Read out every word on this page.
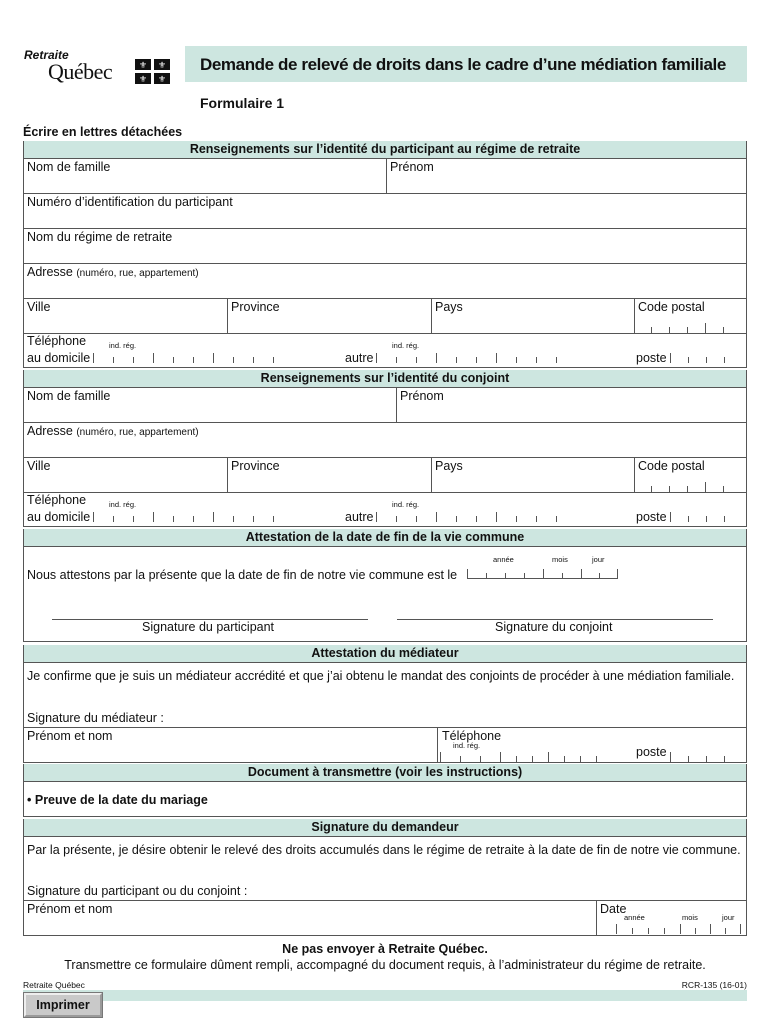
Retraite
Québec	⚜ ⚜
⚜ ⚜
Demande de relevé de droits dans le cadre d’une médiation familiale
Formulaire 1
Écrire en lettres détachées
Renseignements sur l’identité du participant au régime de retraite
Nom de famille	Prénom
Numéro d’identification du participant
Nom du régime de retraite
Adresse (numéro, rue, appartement)
Ville	Province	Pays	Code postal
Téléphone
au domicile
ind. rég.	ind. rég.
autre	poste
Renseignements sur l’identité du conjoint
Nom de famille	Prénom
Adresse (numéro, rue, appartement)
Ville	Province	Pays	Code postal
Téléphone
au domicile
ind. rég.	ind. rég.
autre	poste
Attestation de la date de fin de la vie commune
Nous attestons par la présente que la date de fin de notre vie commune est le
année	mois	jour
Signature du participant	Signature du conjoint
Attestation du médiateur
Je confirme que je suis un médiateur accrédité et que j’ai obtenu le mandat des conjoints de procéder à une médiation familiale.
Signature du médiateur :
Prénom et nom	Téléphone
ind. rég.	poste
Document à transmettre (voir les instructions)
• Preuve de la date du mariage
Signature du demandeur
Par la présente, je désire obtenir le relevé des droits accumulés dans le régime de retraite à la date de fin de notre vie commune.
Signature du participant ou du conjoint :
Prénom et nom	Date
année	mois	jour
Ne pas envoyer à Retraite Québec.
Transmettre ce formulaire dûment rempli, accompagné du document requis, à l’administrateur du régime de retraite.
Retraite Québec	RCR-135 (16-01)
Imprimer
